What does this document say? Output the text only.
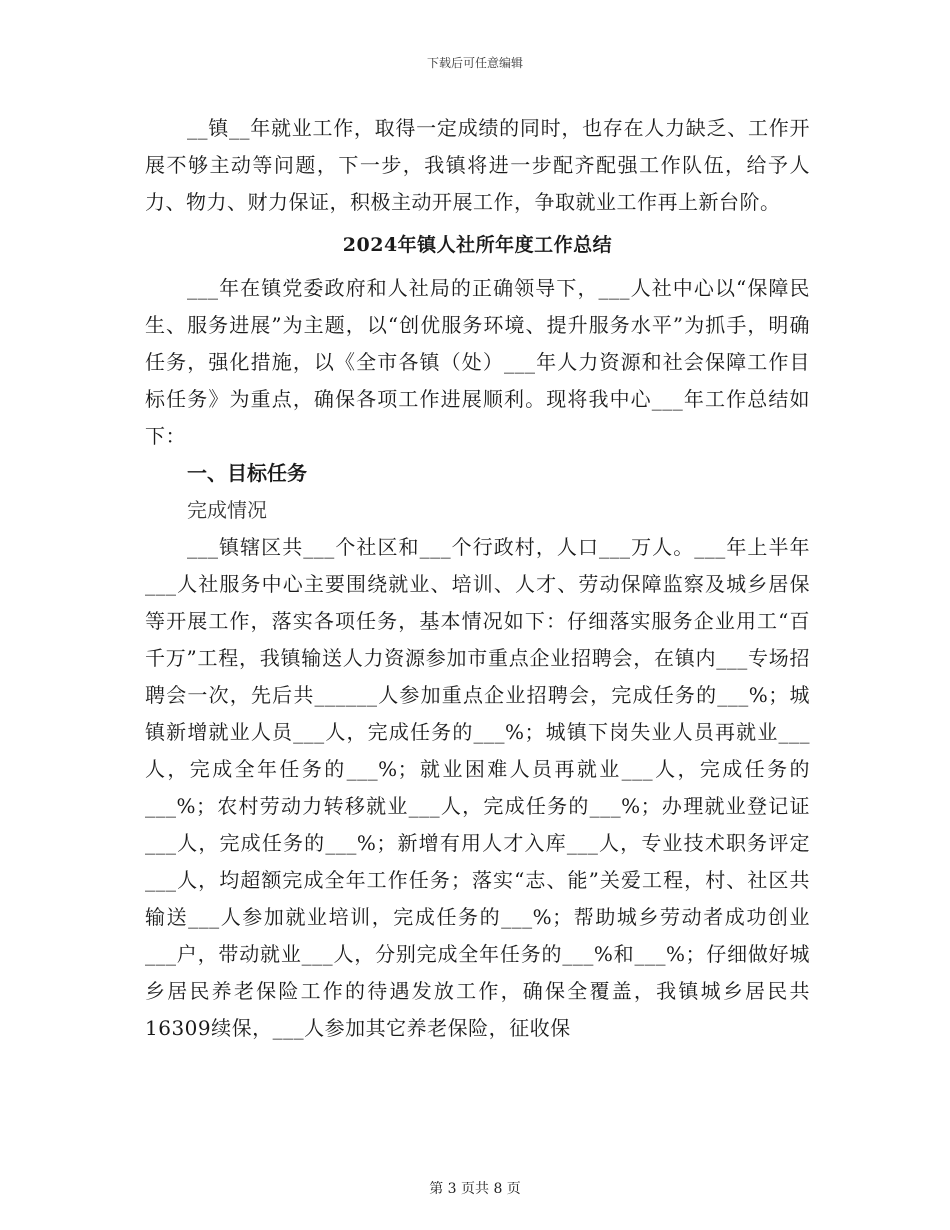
下载后可任意编辑

__镇__年就业工作，取得一定成绩的同时，也存在人力缺乏、工作开展不够主动等问题，下一步，我镇将进一步配齐配强工作队伍，给予人力、物力、财力保证，积极主动开展工作，争取就业工作再上新台阶。

2024年镇人社所年度工作总结

___年在镇党委政府和人社局的正确领导下，___人社中心以“保障民生、服务进展”为主题，以“创优服务环境、提升服务水平”为抓手，明确任务，强化措施，以《全市各镇（处）___年人力资源和社会保障工作目标任务》为重点，确保各项工作进展顺利。现将我中心___年工作总结如下：

一、目标任务

完成情况

___镇辖区共___个社区和___个行政村，人口___万人。___年上半年___人社服务中心主要围绕就业、培训、人才、劳动保障监察及城乡居保等开展工作，落实各项任务，基本情况如下：仔细落实服务企业用工“百千万”工程，我镇输送人力资源参加市重点企业招聘会，在镇内___专场招聘会一次，先后共______人参加重点企业招聘会，完成任务的___%；城镇新增就业人员___人，完成任务的___%；城镇下岗失业人员再就业___人，完成全年任务的___%；就业困难人员再就业___人，完成任务的___%；农村劳动力转移就业___人，完成任务的___%；办理就业登记证___人，完成任务的___%；新增有用人才入库___人，专业技术职务评定___人，均超额完成全年工作任务；落实“志、能”关爱工程，村、社区共输送___人参加就业培训，完成任务的___%；帮助城乡劳动者成功创业___户，带动就业___人，分别完成全年任务的___%和___%；仔细做好城乡居民养老保险工作的待遇发放工作，确保全覆盖，我镇城乡居民共16309续保，___人参加其它养老保险，征收保

第 3 页共 8 页
